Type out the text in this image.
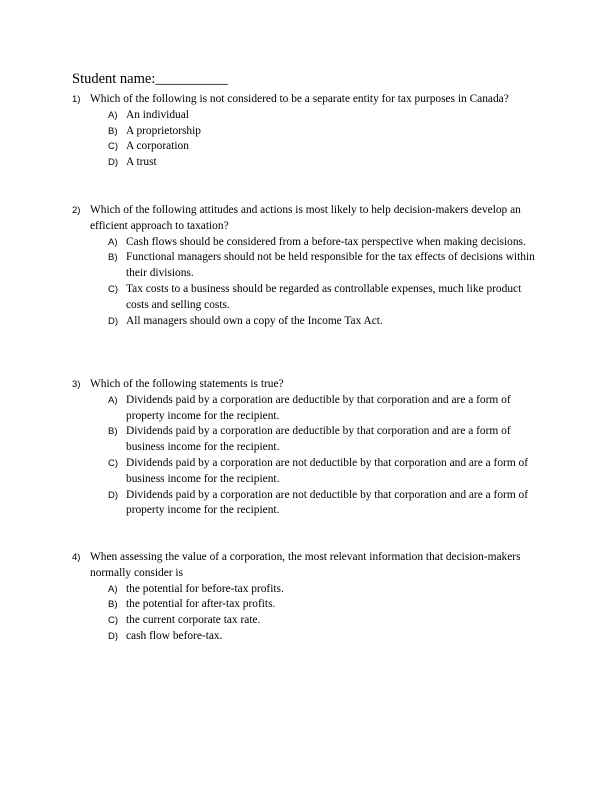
Student name:__________
1) Which of the following is not considered to be a separate entity for tax purposes in Canada?
A) An individual
B) A proprietorship
C) A corporation
D) A trust
2) Which of the following attitudes and actions is most likely to help decision-makers develop an efficient approach to taxation?
A) Cash flows should be considered from a before-tax perspective when making decisions.
B) Functional managers should not be held responsible for the tax effects of decisions within their divisions.
C) Tax costs to a business should be regarded as controllable expenses, much like product costs and selling costs.
D) All managers should own a copy of the Income Tax Act.
3) Which of the following statements is true?
A) Dividends paid by a corporation are deductible by that corporation and are a form of property income for the recipient.
B) Dividends paid by a corporation are deductible by that corporation and are a form of business income for the recipient.
C) Dividends paid by a corporation are not deductible by that corporation and are a form of business income for the recipient.
D) Dividends paid by a corporation are not deductible by that corporation and are a form of property income for the recipient.
4) When assessing the value of a corporation, the most relevant information that decision-makers normally consider is
A) the potential for before-tax profits.
B) the potential for after-tax profits.
C) the current corporate tax rate.
D) cash flow before-tax.
